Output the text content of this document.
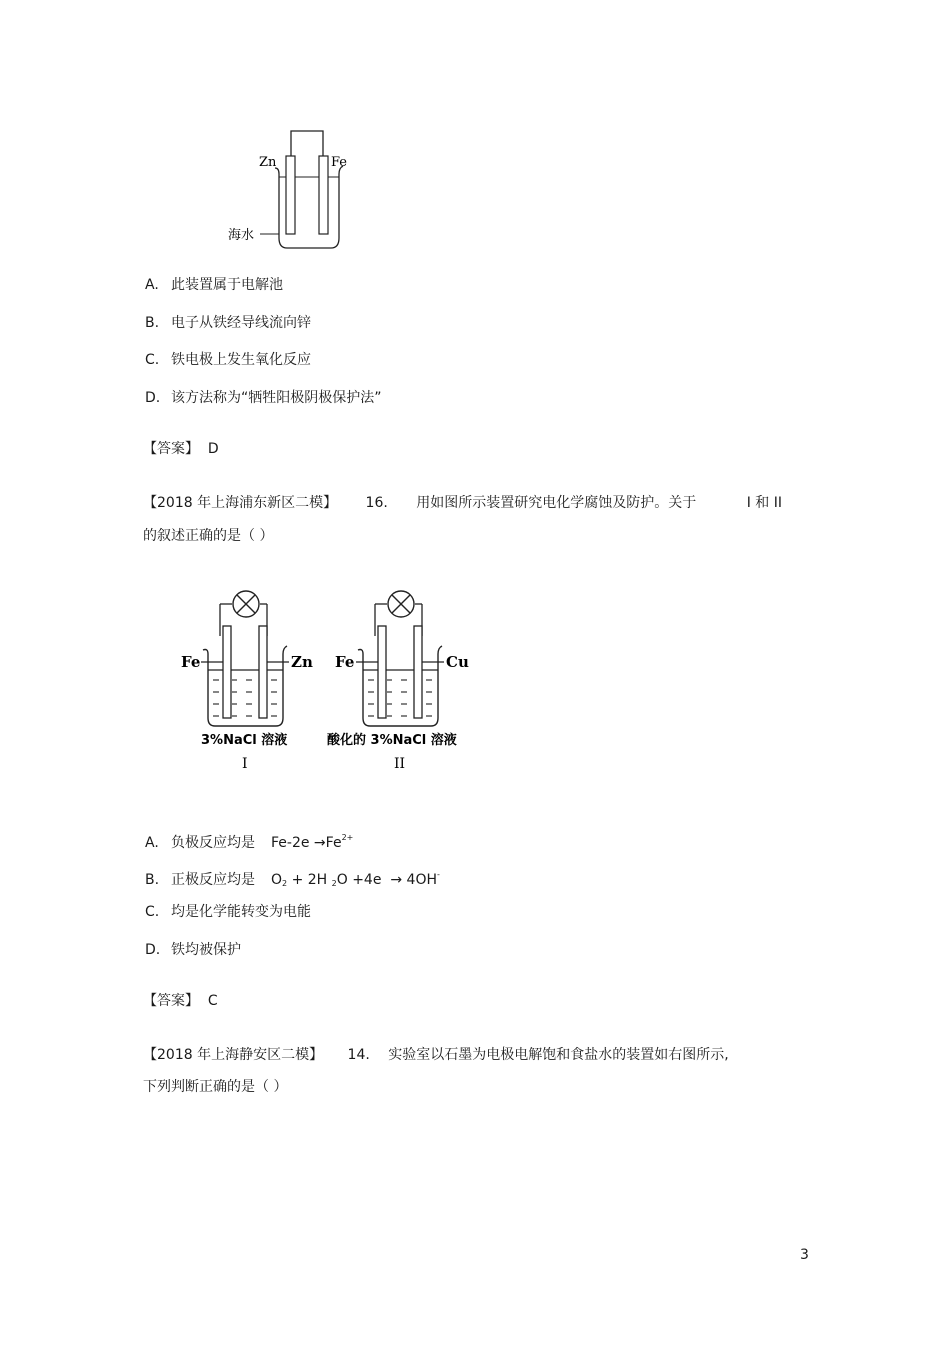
Zn	Fe
海水
A. 此装置属于电解池
B. 电子从铁经导线流向锌
C. 铁电极上发生氧化反应
D. 该方法称为“牺牲阳极阴极保护法”
【答案】 D
【2018 年上海浦东新区二模】 16. 用如图所示装置研究电化学腐蚀及防护。关于	I 和 II
的叙述正确的是（ ）
Fe	Zn
3%NaCl 溶液
I
Fe	Cu
酸化的 3%NaCl 溶液
II
A. 负极反应均是 $Fe-2e \to Fe^{2+}$
B. 正极反应均是 $O_2 + 2H$ $_2$O +4e  → 4OH-
C. 均是化学能转变为电能
D. 铁均被保护
【答案】 C
【2018 年上海静安区二模】 14. 实验室以石墨为电极电解饱和食盐水的装置如右图所示,
下列判断正确的是（ ）
3
